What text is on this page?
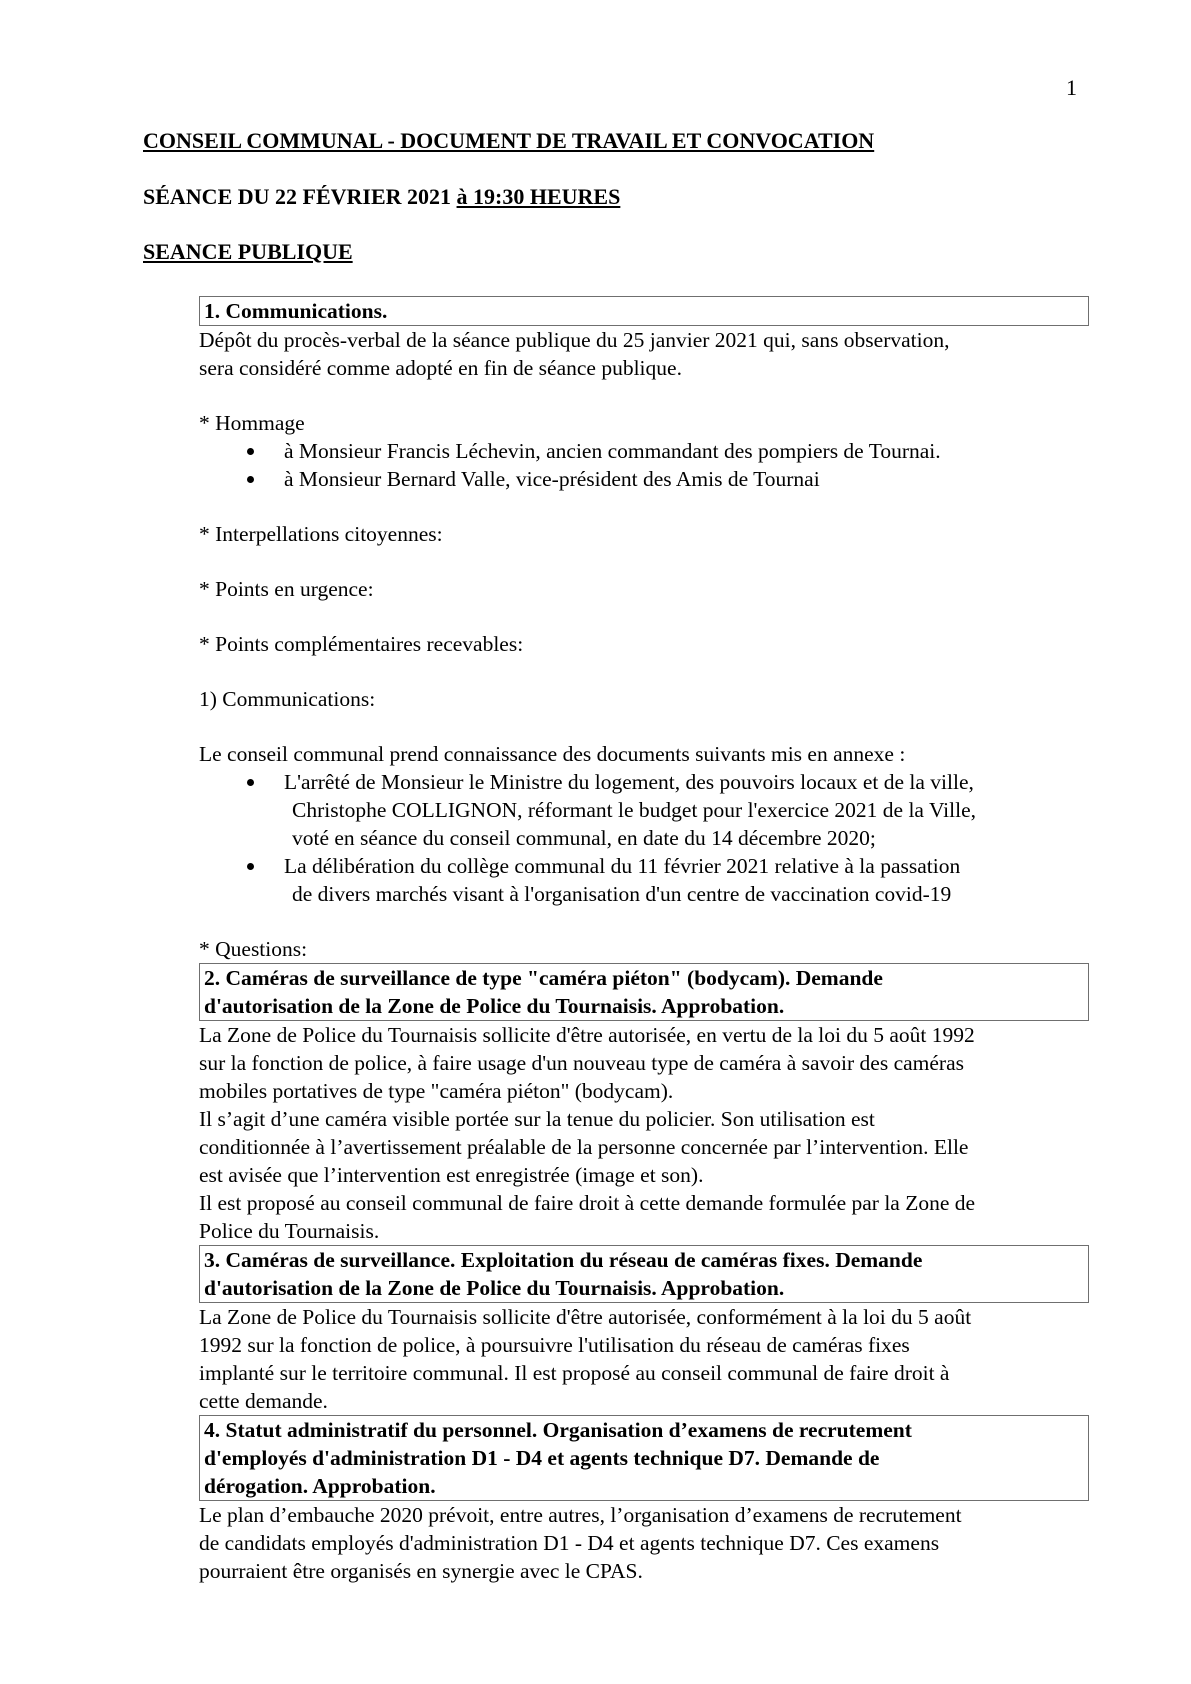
1
CONSEIL COMMUNAL - DOCUMENT DE TRAVAIL ET CONVOCATION
SÉANCE DU 22 FÉVRIER 2021 à 19:30 HEURES
SEANCE PUBLIQUE
1. Communications.

Dépôt du procès-verbal de la séance publique du 25 janvier 2021 qui, sans observation,

sera considéré comme adopté en fin de séance publique.

* Hommage

à Monsieur Francis Léchevin, ancien commandant des pompiers de Tournai.
à Monsieur Bernard Valle, vice-président des Amis de Tournai

* Interpellations citoyennes:

* Points en urgence:

* Points complémentaires recevables:

1) Communications:

Le conseil communal prend connaissance des documents suivants mis en annexe :

L'arrêté de Monsieur le Ministre du logement, des pouvoirs locaux et de la ville,
Christophe COLLIGNON, réformant le budget pour l'exercice 2021 de la Ville,
voté en séance du conseil communal, en date du 14 décembre 2020;
La délibération du collège communal du 11 février 2021 relative à la passation
de divers marchés visant à l'organisation d'un centre de vaccination covid-19

* Questions:

2. Caméras de surveillance de type "caméra piéton" (bodycam). Demande
d'autorisation de la Zone de Police du Tournaisis. Approbation.

La Zone de Police du Tournaisis sollicite d'être autorisée, en vertu de la loi du 5 août 1992

sur la fonction de police, à faire usage d'un nouveau type de caméra à savoir des caméras

mobiles portatives de type "caméra piéton" (bodycam).

Il s’agit d’une caméra visible portée sur la tenue du policier. Son utilisation est

conditionnée à l’avertissement préalable de la personne concernée par l’intervention. Elle

est avisée que l’intervention est enregistrée (image et son).

Il est proposé au conseil communal de faire droit à cette demande formulée par la Zone de

Police du Tournaisis.

3. Caméras de surveillance. Exploitation du réseau de caméras fixes. Demande
d'autorisation de la Zone de Police du Tournaisis. Approbation.

La Zone de Police du Tournaisis sollicite d'être autorisée, conformément à la loi du 5 août

1992 sur la fonction de police, à poursuivre l'utilisation du réseau de caméras fixes

implanté sur le territoire communal. Il est proposé au conseil communal de faire droit à

cette demande.

4. Statut administratif du personnel. Organisation d’examens de recrutement
d'employés d'administration D1 - D4 et agents technique D7. Demande de
dérogation. Approbation.

Le plan d’embauche 2020 prévoit, entre autres, l’organisation d’examens de recrutement

de candidats employés d'administration D1 - D4 et agents technique D7. Ces examens

pourraient être organisés en synergie avec le CPAS.
